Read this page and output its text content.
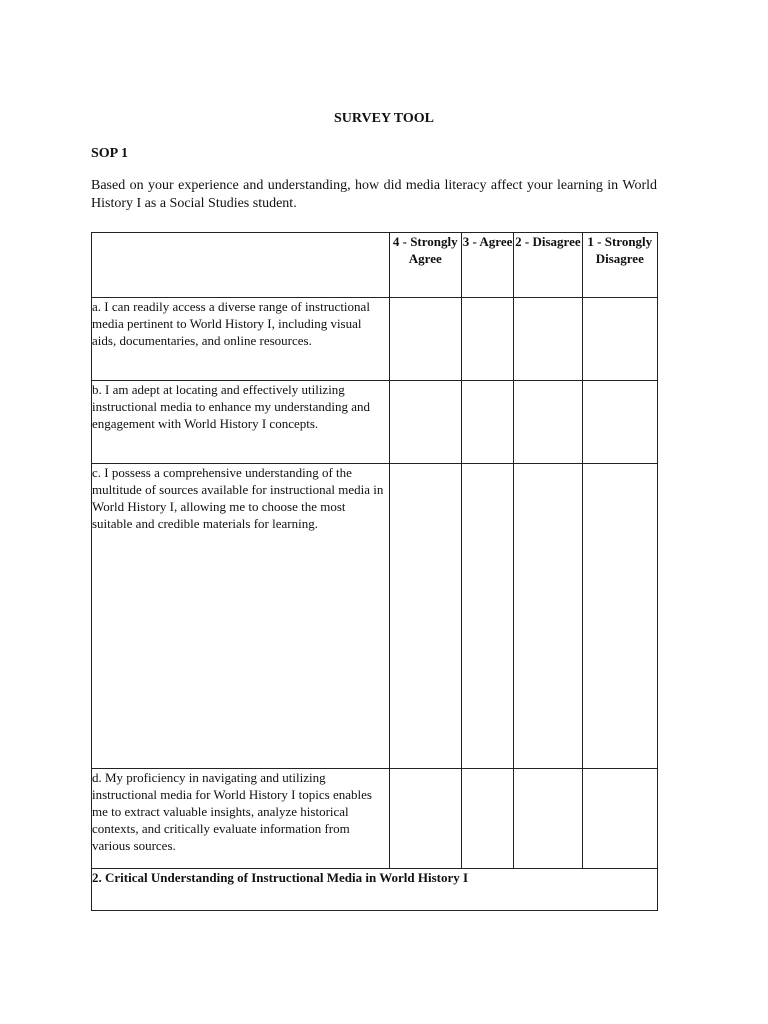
SURVEY TOOL
SOP 1
Based on your experience and understanding, how did media literacy affect your learning in World History I as a Social Studies student.
	4 - Strongly Agree	3 - Agree	2 - Disagree	1 - Strongly Disagree
a. I can readily access a diverse range of instructional media pertinent to World History I, including visual aids, documentaries, and online resources.				
b. I am adept at locating and effectively utilizing instructional media to enhance my understanding and engagement with World History I concepts.				
c. I possess a comprehensive understanding of the multitude of sources available for instructional media in World History I, allowing me to choose the most suitable and credible materials for learning.				
d. My proficiency in navigating and utilizing instructional media for World History I topics enables me to extract valuable insights, analyze historical contexts, and critically evaluate information from various sources.				
2. Critical Understanding of Instructional Media in World History I				
